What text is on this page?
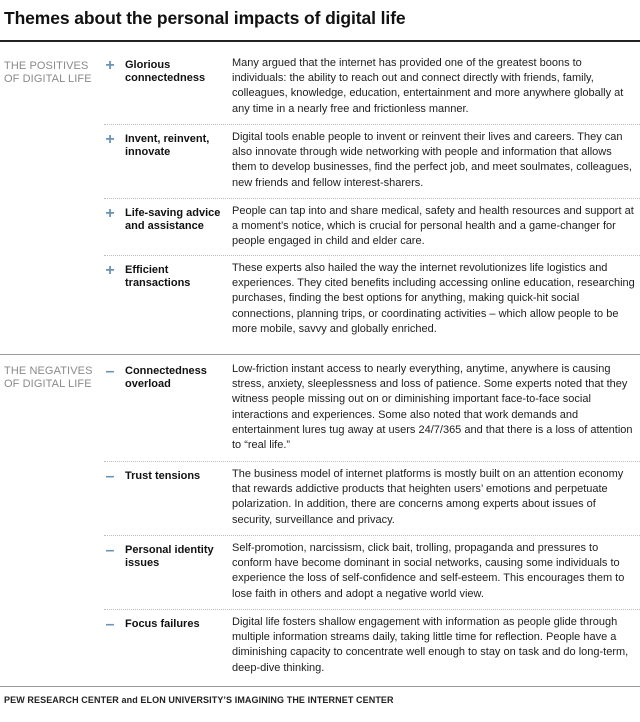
Themes about the personal impacts of digital life
THE POSITIVES
OF DIGITAL LIFE
+ Glorious connectedness
Many argued that the internet has provided one of the greatest boons to individuals: the ability to reach out and connect directly with friends, family, colleagues, knowledge, education, entertainment and more anywhere globally at any time in a nearly free and frictionless manner.
+ Invent, reinvent, innovate
Digital tools enable people to invent or reinvent their lives and careers. They can also innovate through wide networking with people and information that allows them to develop businesses, find the perfect job, and meet soulmates, colleagues, new friends and fellow interest-sharers.
+ Life-saving advice and assistance
People can tap into and share medical, safety and health resources and support at a moment’s notice, which is crucial for personal health and a game-changer for people engaged in child and elder care.
+ Efficient transactions
These experts also hailed the way the internet revolutionizes life logistics and experiences. They cited benefits including accessing online education, researching purchases, finding the best options for anything, making quick-hit social connections, planning trips, or coordinating activities – which allow people to be more mobile, savvy and globally enriched.
THE NEGATIVES
OF DIGITAL LIFE
– Connectedness overload
Low-friction instant access to nearly everything, anytime, anywhere is causing stress, anxiety, sleeplessness and loss of patience. Some experts noted that they witness people missing out on or diminishing important face-to-face social interactions and experiences. Some also noted that work demands and entertainment lures tug away at users 24/7/365 and that there is a loss of attention to “real life.”
– Trust tensions	The business model of internet platforms is mostly built on an attention economy that rewards addictive products that heighten users’ emotions and perpetuate polarization. In addition, there are concerns among experts about issues of security, surveillance and privacy.
– Personal identity issues
Self-promotion, narcissism, click bait, trolling, propaganda and pressures to conform have become dominant in social networks, causing some individuals to experience the loss of self-confidence and self-esteem. This encourages them to lose faith in others and adopt a negative world view.
– Focus failures	Digital life fosters shallow engagement with information as people glide through multiple information streams daily, taking little time for reflection. People have a diminishing capacity to concentrate well enough to stay on task and do long-term, deep-dive thinking.
PEW RESEARCH CENTER and ELON UNIVERSITY’S IMAGINING THE INTERNET CENTER
